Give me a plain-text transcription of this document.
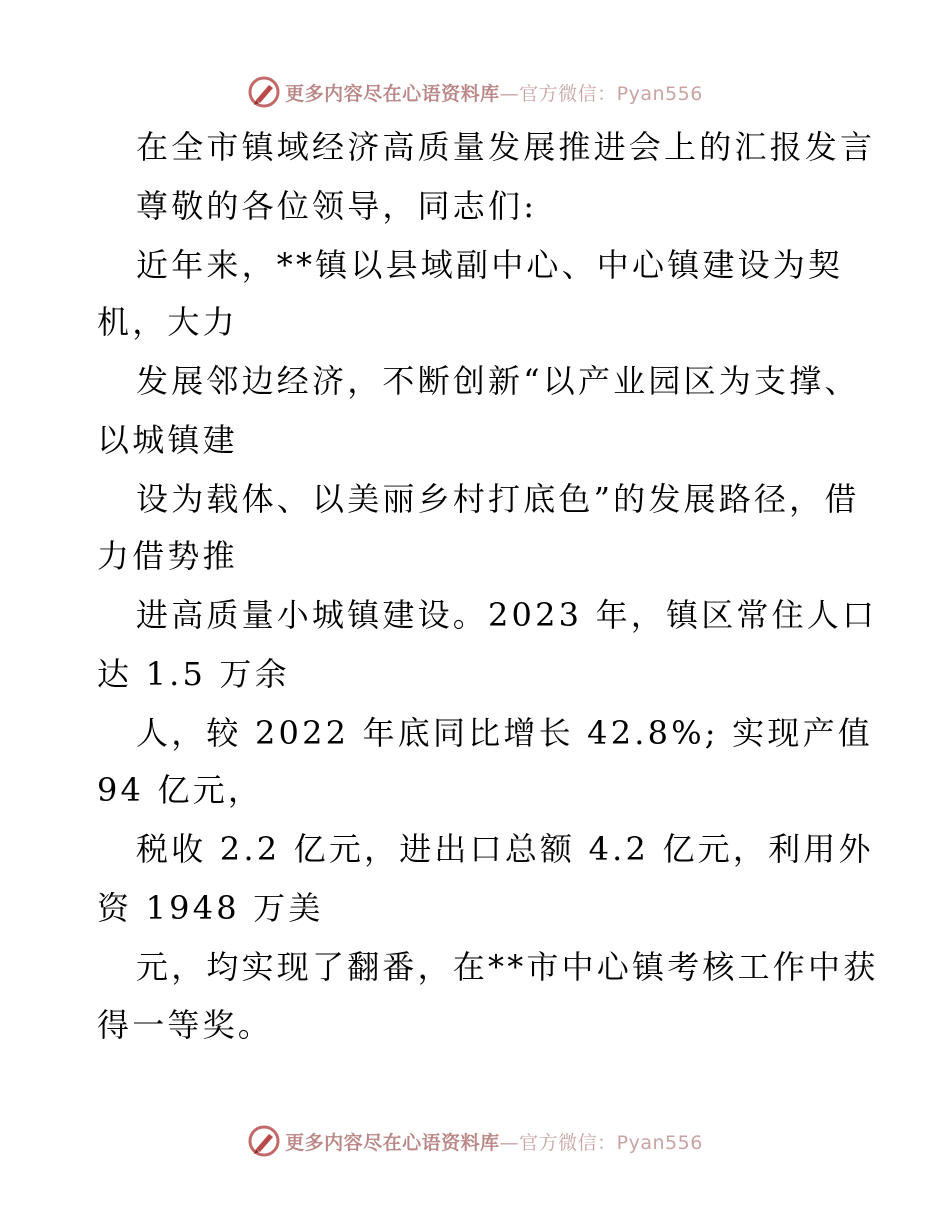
更多内容尽在心语资料库—官方微信：Pyan556
在全市镇域经济高质量发展推进会上的汇报发言
尊敬的各位领导，同志们:
近年来，**镇以县域副中心、中心镇建设为契
机，大力
发展邻边经济，不断创新“以产业园区为支撑、
以城镇建
设为载体、以美丽乡村打底色”的发展路径，借
力借势推
进高质量小城镇建设。2023 年，镇区常住人口
达 1.5 万余
人，较 2022 年底同比增长 42.8%; 实现产值
94 亿元，
税收 2.2 亿元，进出口总额 4.2 亿元，利用外
资 1948 万美
元，均实现了翻番，在**市中心镇考核工作中获
得一等奖。
更多内容尽在心语资料库—官方微信：Pyan556
